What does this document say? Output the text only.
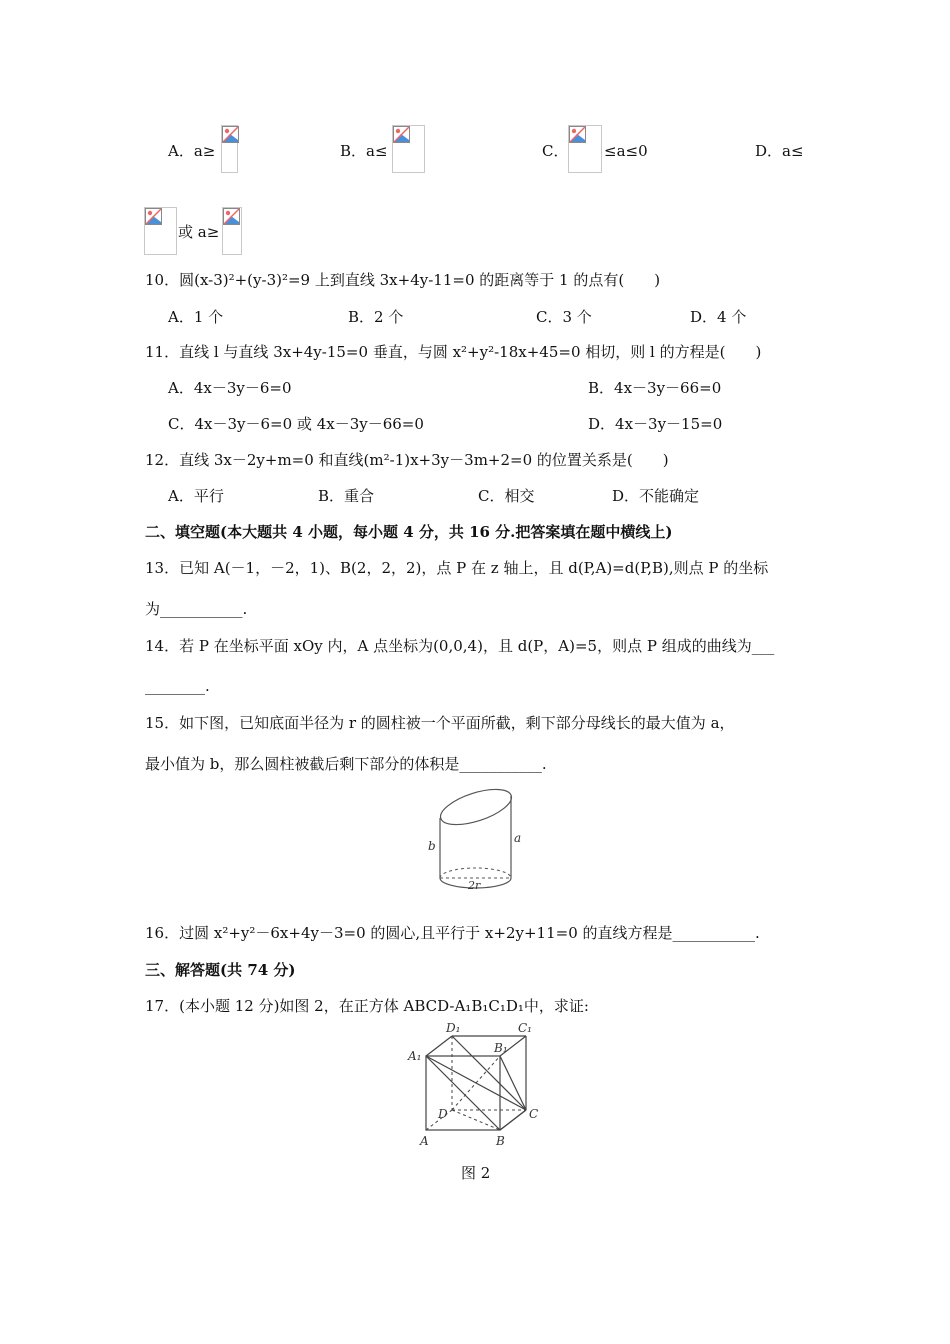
A．a≥	B．a≤	C． ≤a≤0	D．a≤
或 a≥
10．圆(x-3)²+(y-3)²=9 上到直线 3x+4y-11=0 的距离等于 1 的点有(　　)
A．1 个	B．2 个	C．3 个	D．4 个
11．直线 l 与直线 3x+4y-15=0 垂直，与圆 x²+y²-18x+45=0 相切，则 l 的方程是(　　)
A．4x－3y－6=0	B．4x－3y－66=0
C．4x－3y－6=0 或 4x－3y－66=0	D．4x－3y－15=0
12．直线 3x－2y+m=0 和直线(m²-1)x+3y－3m+2=0 的位置关系是(　　)
A．平行	B．重合	C．相交	D．不能确定
二、填空题(本大题共 4 小题，每小题 4 分，共 16 分.把答案填在题中横线上)
13．已知 A(－1，－2，1)、B(2，2，2)，点 P 在 z 轴上，且 d(P,A)=d(P,B),则点 P 的坐标
为___________.
14．若 P 在坐标平面 xOy 内，A 点坐标为(0,0,4)，且 d(P，A)=5，则点 P 组成的曲线为___
________.
15．如下图，已知底面半径为 r 的圆柱被一个平面所截，剩下部分母线长的最大值为 a，
最小值为 b，那么圆柱被截后剩下部分的体积是___________.
b
a
2r
16．过圆 x²+y²－6x+4y－3=0 的圆心,且平行于 x+2y+11=0 的直线方程是___________.
三、解答题(共 74 分)
17．(本小题 12 分)如图 2，在正方体 ABCD-A₁B₁C₁D₁中，求证:
D₁	C₁
A₁
B₁
D	C
A	B
图 2
